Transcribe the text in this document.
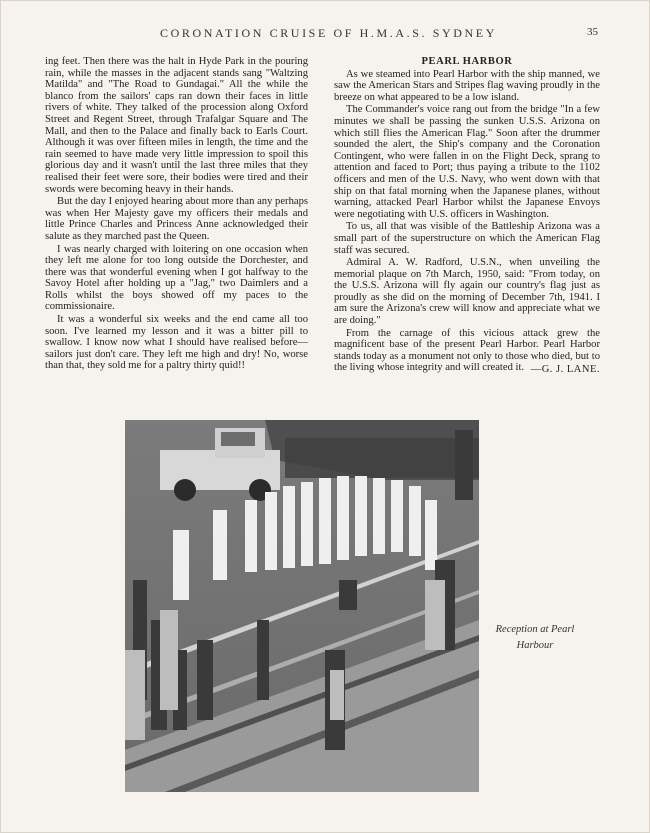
CORONATION CRUISE OF H.M.A.S. SYDNEY	35

ing feet. Then there was the halt in Hyde Park in the pouring rain, while the masses in the adjacent stands sang "Waltzing Matilda" and "The Road to Gundagai." All the while the blanco from the sailors' caps ran down their faces in little rivers of white. They talked of the procession along Oxford Street and Regent Street, through Trafalgar Square and The Mall, and then to the Palace and finally back to Earls Court. Although it was over fifteen miles in length, the time and the rain seemed to have made very little impression to spoil this glorious day and it wasn't until the last three miles that they realised their feet were sore, their bodies were tired and their swords were becoming heavy in their hands.

But the day I enjoyed hearing about more than any perhaps was when Her Majesty gave my officers their medals and little Prince Charles and Princess Anne acknowledged their salute as they marched past the Queen.

I was nearly charged with loitering on one occasion when they left me alone for too long outside the Dorchester, and there was that wonderful evening when I got halfway to the Savoy Hotel after holding up a "Jag," two Daimlers and a Rolls whilst the boys showed off my paces to the commissionaire.

It was a wonderful six weeks and the end came all too soon. I've learned my lesson and it was a bitter pill to swallow. I know now what I should have realised before—sailors just don't care. They left me high and dry! No, worse than that, they sold me for a paltry thirty quid!!

PEARL HARBOR

As we steamed into Pearl Harbor with the ship manned, we saw the American Stars and Stripes flag waving proudly in the breeze on what appeared to be a low island.

The Commander's voice rang out from the bridge "In a few minutes we shall be passing the sunken U.S.S. Arizona on which still flies the American Flag." Soon after the drummer sounded the alert, the Ship's company and the Coronation Contingent, who were fallen in on the Flight Deck, sprang to attention and faced to Port; thus paying a tribute to the 1102 officers and men of the U.S. Navy, who went down with that ship on that fatal morning when the Japanese planes, without warning, attacked Pearl Harbor whilst the Japanese Envoys were negotiating with U.S. officers in Washington.

To us, all that was visible of the Battleship Arizona was a small part of the superstructure on which the American Flag staff was secured.

Admiral A. W. Radford, U.S.N., when unveiling the memorial plaque on 7th March, 1950, said: "From today, on the U.S.S. Arizona will fly again our country's flag just as proudly as she did on the morning of December 7th, 1941. I am sure the Arizona's crew will know and appreciate what we are doing."

From the carnage of this vicious attack grew the magnificent base of the present Pearl Harbor. Pearl Harbor stands today as a monument not only to those who died, but to the living whose integrity and will created it. —G. J. LANE.
Reception at Pearl Harbour
